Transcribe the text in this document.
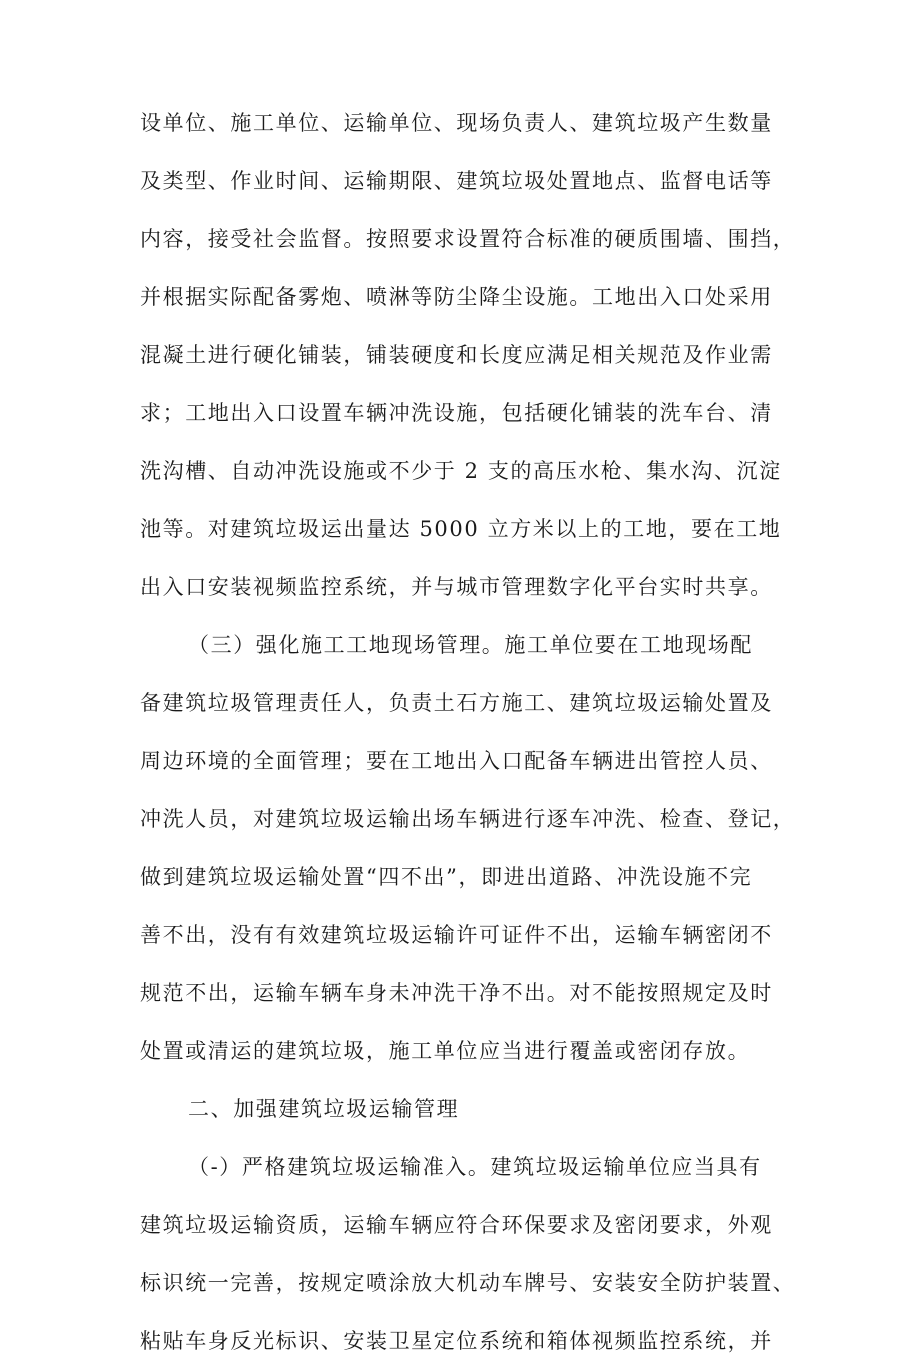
设单位、施工单位、运输单位、现场负责人、建筑垃圾产生数量
及类型、作业时间、运输期限、建筑垃圾处置地点、监督电话等
内容，接受社会监督。按照要求设置符合标准的硬质围墙、围挡，
并根据实际配备雾炮、喷淋等防尘降尘设施。工地出入口处采用
混凝土进行硬化铺装，铺装硬度和长度应满足相关规范及作业需
求；工地出入口设置车辆冲洗设施，包括硬化铺装的洗车台、清
洗沟槽、自动冲洗设施或不少于 2 支的高压水枪、集水沟、沉淀
池等。对建筑垃圾运出量达 5000 立方米以上的工地，要在工地
出入口安装视频监控系统，并与城市管理数字化平台实时共享。
（三）强化施工工地现场管理。施工单位要在工地现场配
备建筑垃圾管理责任人，负责土石方施工、建筑垃圾运输处置及
周边环境的全面管理；要在工地出入口配备车辆进出管控人员、
冲洗人员，对建筑垃圾运输出场车辆进行逐车冲洗、检查、登记，
做到建筑垃圾运输处置“四不出”，即进出道路、冲洗设施不完
善不出，没有有效建筑垃圾运输许可证件不出，运输车辆密闭不
规范不出，运输车辆车身未冲洗干净不出。对不能按照规定及时
处置或清运的建筑垃圾，施工单位应当进行覆盖或密闭存放。
二、加强建筑垃圾运输管理
（-）严格建筑垃圾运输准入。建筑垃圾运输单位应当具有
建筑垃圾运输资质，运输车辆应符合环保要求及密闭要求，外观
标识统一完善，按规定喷涂放大机动车牌号、安装安全防护装置、
粘贴车身反光标识、安装卫星定位系统和箱体视频监控系统，并
